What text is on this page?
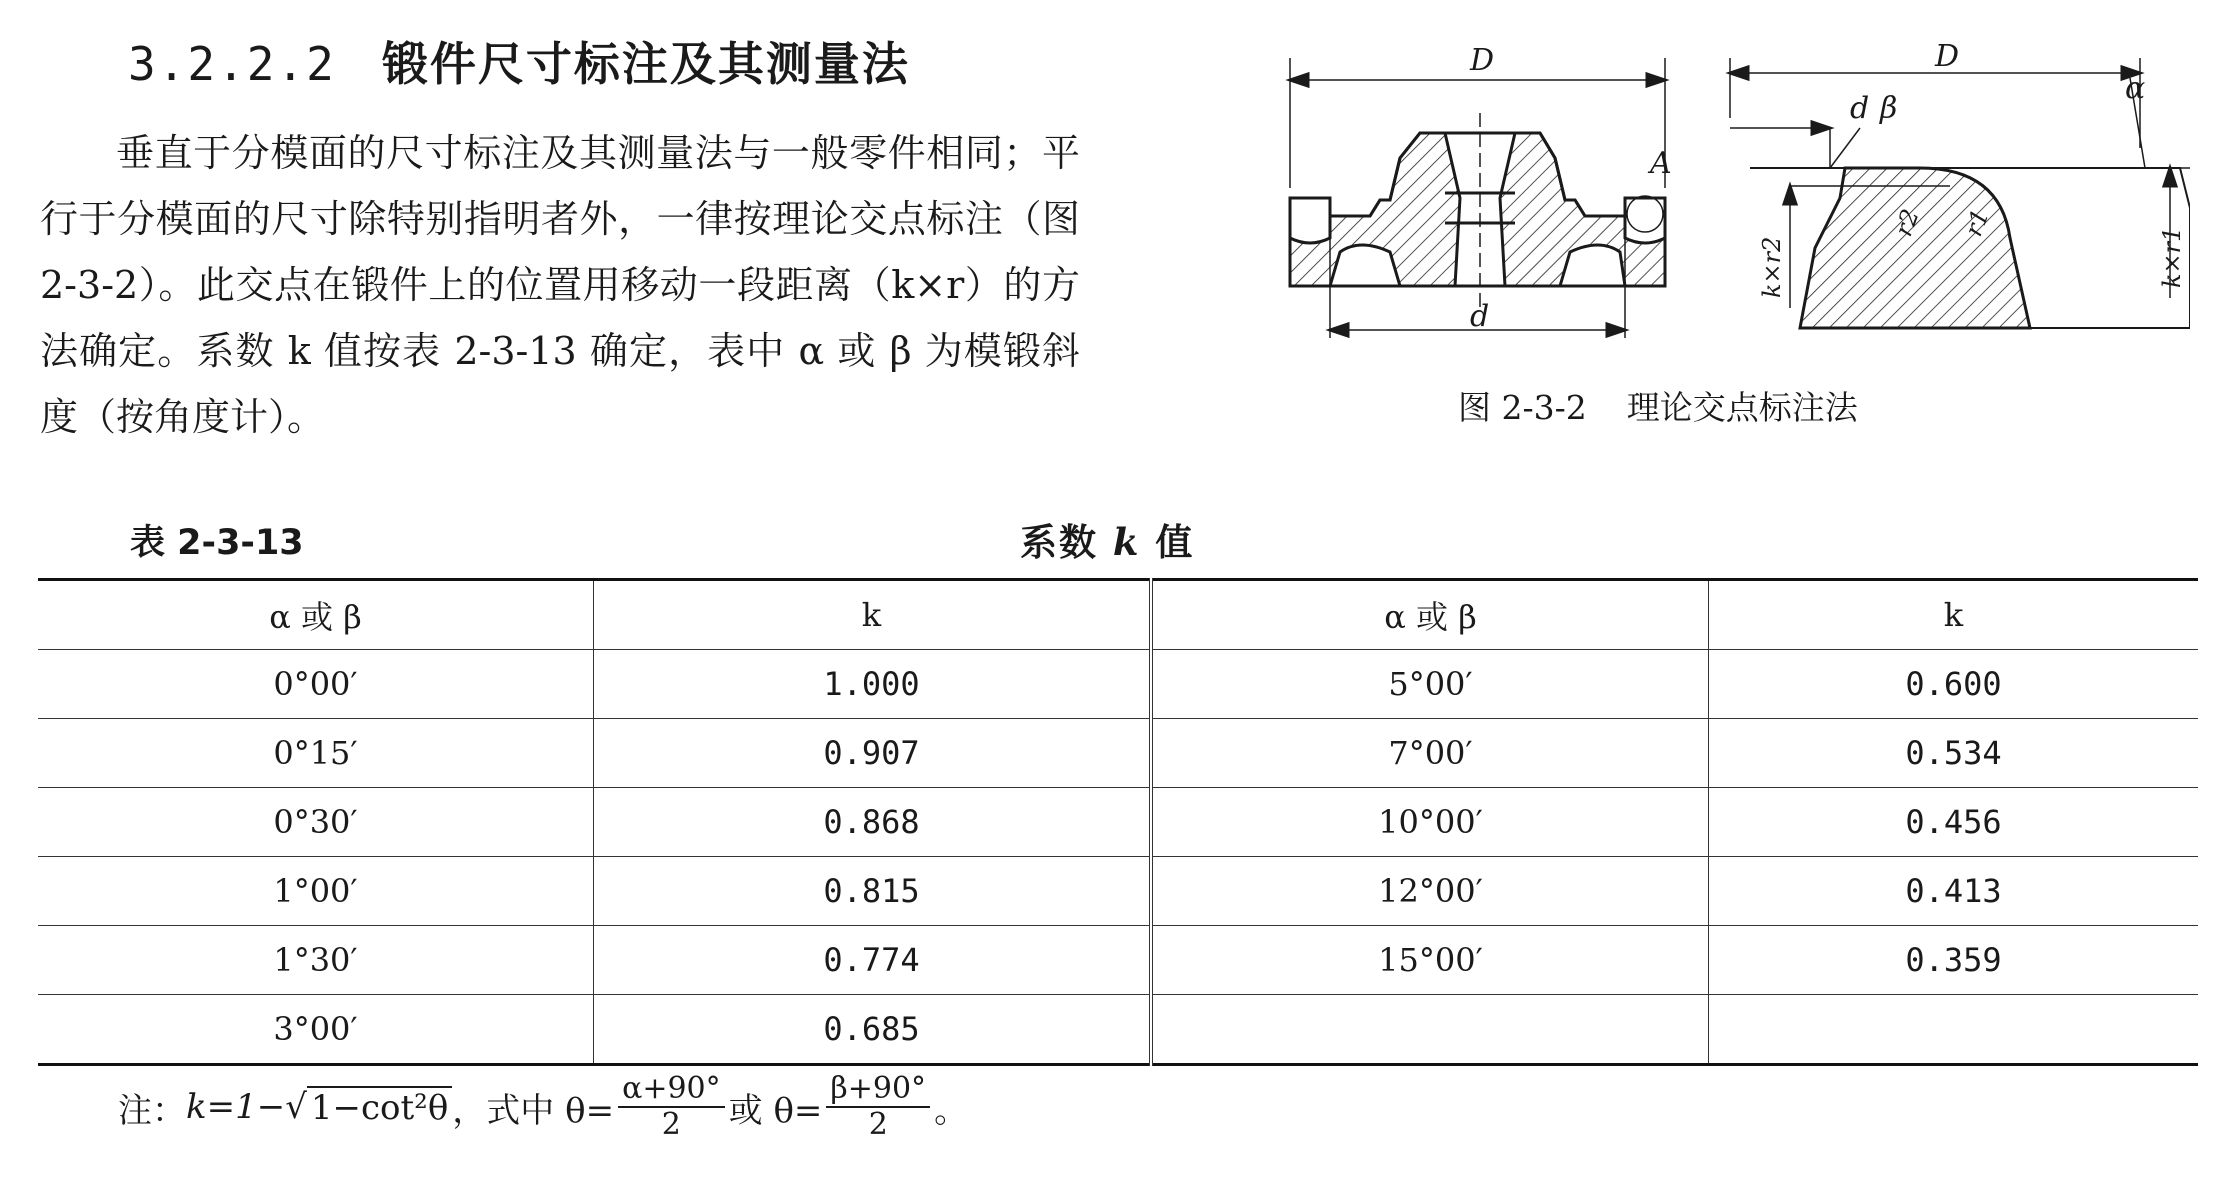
3.2.2.2 锻件尺寸标注及其测量法

垂直于分模面的尺寸标注及其测量法与一般零件相同；平行于分模面的尺寸除特别指明者外，一律按理论交点标注（图 2-3-2）。此交点在锻件上的位置用移动一段距离（k×r）的方法确定。系数 k 值按表 2-3-13 确定，表中 α 或 β 为模锻斜度（按角度计）。

D
d
A
D
d β
α
r2 r1
k×r2	k×r1
图 2-3-2 理论交点标注法
表 2-3-13	系数 k 值
α 或 β	k	α 或 β	k
0°00′	1.000	5°00′	0.600
0°15′	0.907	7°00′	0.534
0°30′	0.868	10°00′	0.456
1°00′	0.815	12°00′	0.413
1°30′	0.774	15°00′	0.359
3°00′	0.685		
注： k=1− √ 1−cot²θ ，式中 $\theta= \frac{\alpha+90^\circ}{2}$ 或 $\theta= \frac{\beta+90^\circ}{2}$ 。
